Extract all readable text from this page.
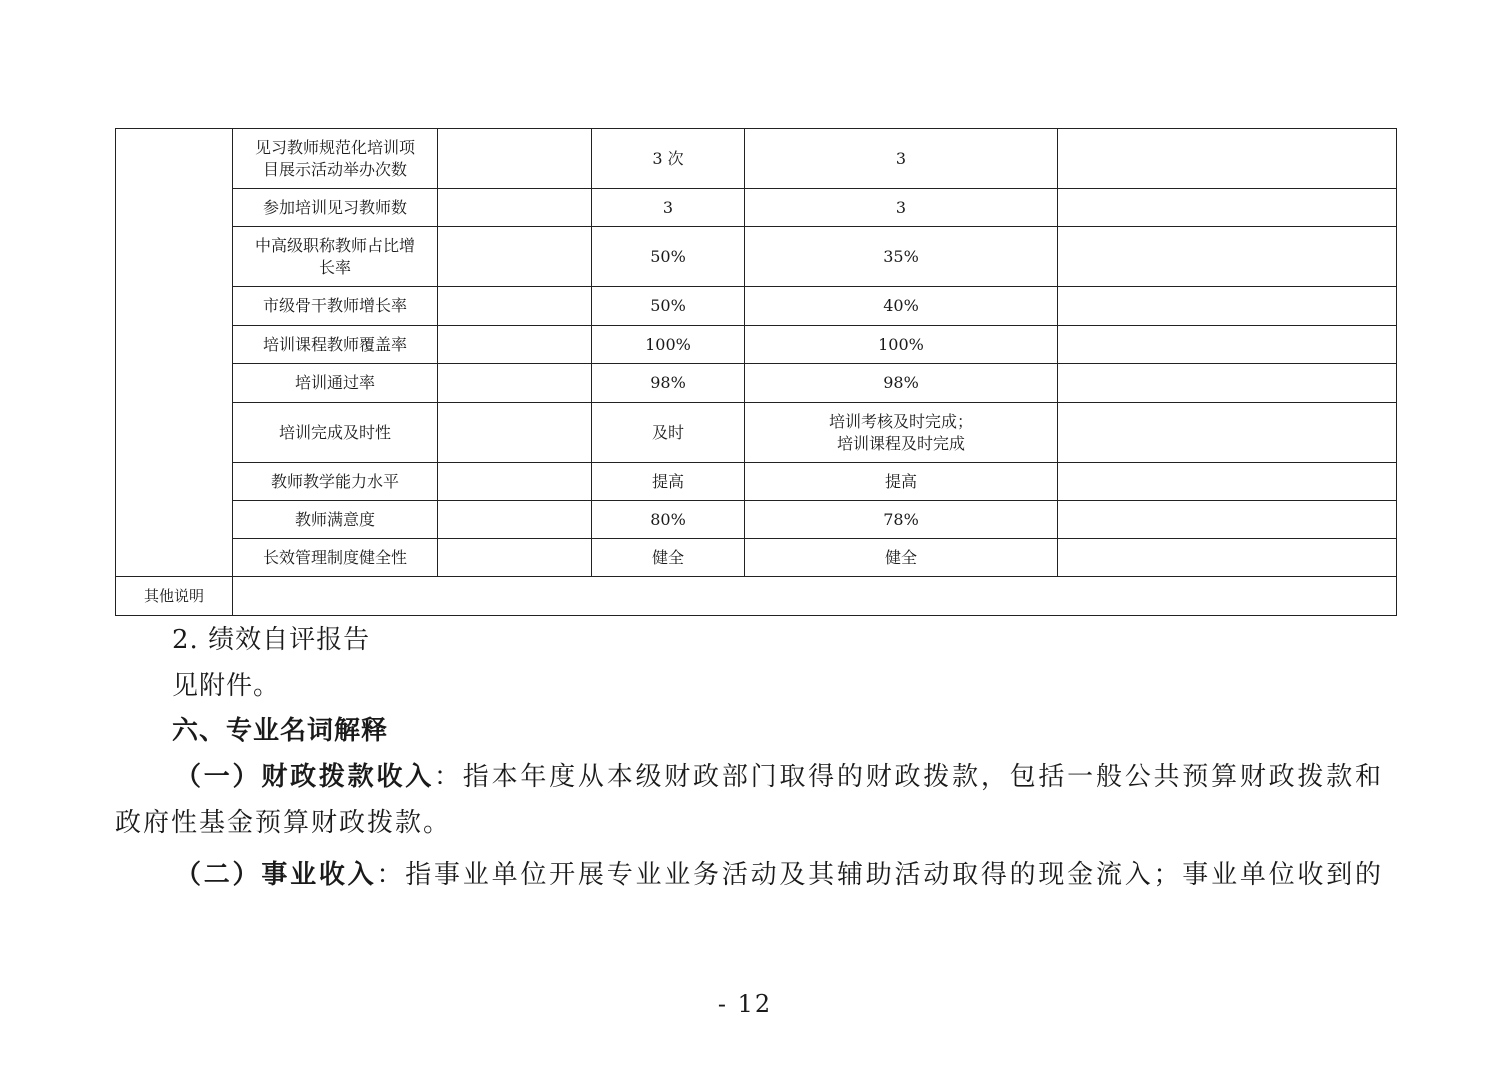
	见习教师规范化培训项
目展示活动举办次数		3 次	3	
	参加培训见习教师数		3	3	
	中高级职称教师占比增
长率		50%	35%	
	市级骨干教师增长率		50%	40%	
	培训课程教师覆盖率		100%	100%	
	培训通过率		98%	98%	
	培训完成及时性		及时	培训考核及时完成；
培训课程及时完成	
	教师教学能力水平		提高	提高	
	教师满意度		80%	78%	
	长效管理制度健全性		健全	健全	
其他说明					

2. 绩效自评报告

见附件。

六、专业名词解释

（一）财政拨款收入：指本年度从本级财政部门取得的财政拨款，包括一般公共预算财政拨款和

政府性基金预算财政拨款。

（二）事业收入：指事业单位开展专业业务活动及其辅助活动取得的现金流入；事业单位收到的

- 12
